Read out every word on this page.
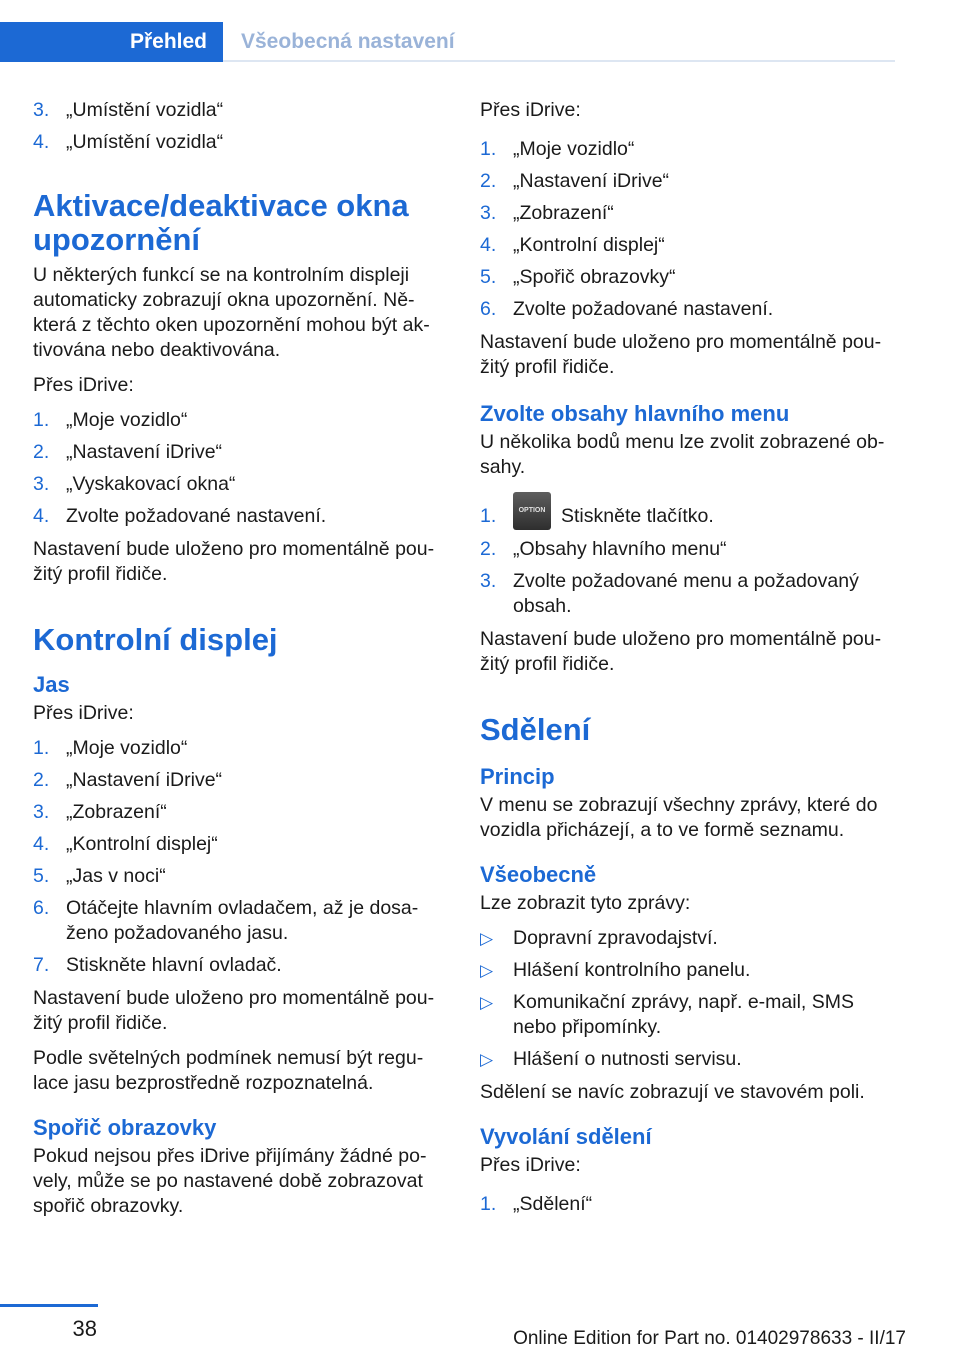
Přehled	Všeobecná nastavení
3. „Umístění vozidla“
4. „Umístění vozidla“
Aktivace/deaktivace okna upozornění

U některých funkcí se na kontrolním displeji automaticky zobrazují okna upozornění. Ně‐ která z těchto oken upozornění mohou být ak‐ tivována nebo deaktivována.

Přes iDrive:

1. „Moje vozidlo“
2. „Nastavení iDrive“
3. „Vyskakovací okna“
4. Zvolte požadované nastavení.

Nastavení bude uloženo pro momentálně pou‐ žitý profil řidiče.

Kontrolní displej
Jas

Přes iDrive:

1. „Moje vozidlo“
2. „Nastavení iDrive“
3. „Zobrazení“
4. „Kontrolní displej“
5. „Jas v noci“
6. Otáčejte hlavním ovladačem, až je dosa‐ ženo požadovaného jasu.
7. Stiskněte hlavní ovladač.

Nastavení bude uloženo pro momentálně pou‐ žitý profil řidiče.

Podle světelných podmínek nemusí být regu‐ lace jasu bezprostředně rozpoznatelná.

Spořič obrazovky

Pokud nejsou přes iDrive přijímány žádné po‐ vely, může se po nastavené době zobrazovat spořič obrazovky.

Přes iDrive:

1. „Moje vozidlo“
2. „Nastavení iDrive“
3. „Zobrazení“
4. „Kontrolní displej“
5. „Spořič obrazovky“
6. Zvolte požadované nastavení.

Nastavení bude uloženo pro momentálně pou‐ žitý profil řidiče.

Zvolte obsahy hlavního menu

U několika bodů menu lze zvolit zobrazené ob‐ sahy.

1.	OPTION Stiskněte tlačítko.
2. „Obsahy hlavního menu“
3. Zvolte požadované menu a požadovaný obsah.

Nastavení bude uloženo pro momentálně pou‐ žitý profil řidiče.

Sdělení
Princip

V menu se zobrazují všechny zprávy, které do vozidla přicházejí, a to ve formě seznamu.

Všeobecně

Lze zobrazit tyto zprávy:

▷ Dopravní zpravodajství.
▷ Hlášení kontrolního panelu.
▷ Komunikační zprávy, např. e-mail, SMS nebo připomínky.
▷ Hlášení o nutnosti servisu.

Sdělení se navíc zobrazují ve stavovém poli.

Vyvolání sdělení

Přes iDrive:

1. „Sdělení“
38	Online Edition for Part no. 01402978633 - II/17
